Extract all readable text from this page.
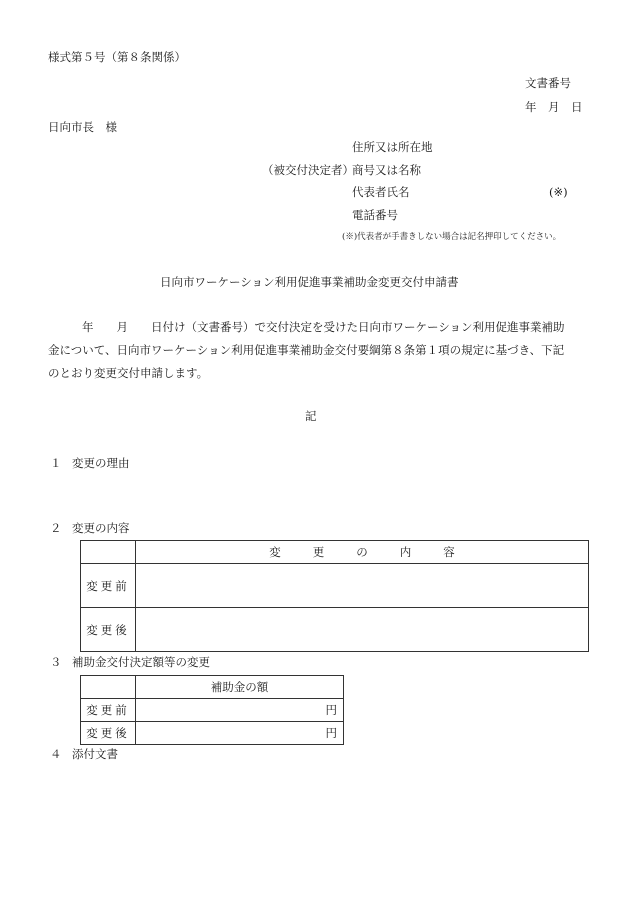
様式第５号（第８条関係）
文書番号
年　月　日
日向市長　様
住所又は所在地
（被交付決定者）
商号又は名称
代表者氏名	(※)
電話番号
(※)代表者が手書きしない場合は記名押印してください。
日向市ワーケーション利用促進事業補助金変更交付申請書
年　　月　　日付け（文書番号）で交付決定を受けた日向市ワーケーション利用促進事業補助
金について、日向市ワーケーション利用促進事業補助金交付要綱第８条第１項の規定に基づき、下記
のとおり変更交付申請します。
記
１ 変更の理由
２ 変更の内容
	変更の内容
変更前	
変更後	
３ 補助金交付決定額等の変更
	補助金の額
変更前	円
変更後	円
４ 添付文書
